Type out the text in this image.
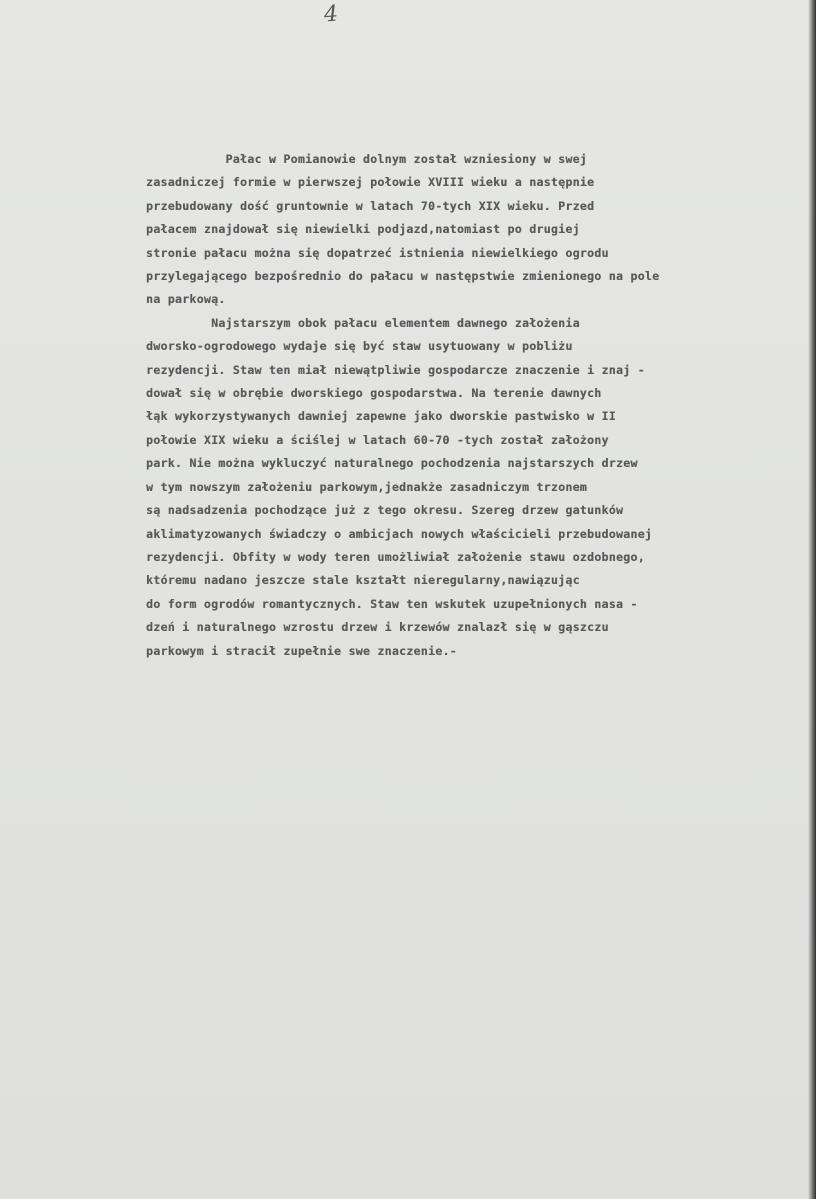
4

Pałac w Pomianowie dolnym został wzniesiony w swej
zasadniczej formie w pierwszej połowie XVIII wieku a następnie
przebudowany dość gruntownie w latach 70-tych XIX wieku. Przed
pałacem znajdował się niewielki podjazd,natomiast po drugiej
stronie pałacu można się dopatrzeć istnienia niewielkiego ogrodu
przylegającego bezpośrednio do pałacu w następstwie zmienionego na pole
na parkową.

Najstarszym obok pałacu elementem dawnego założenia
dworsko-ogrodowego wydaje się być staw usytuowany w pobliżu
rezydencji. Staw ten miał niewątpliwie gospodarcze znaczenie i znaj -
dował się w obrębie dworskiego gospodarstwa. Na terenie dawnych
łąk wykorzystywanych dawniej zapewne jako dworskie pastwisko w II
połowie XIX wieku a ściślej w latach 60-70 -tych został założony
park. Nie można wykluczyć naturalnego pochodzenia najstarszych drzew
w tym nowszym założeniu parkowym,jednakże zasadniczym trzonem
są nadsadzenia pochodzące już z tego okresu. Szereg drzew gatunków
aklimatyzowanych świadczy o ambicjach nowych właścicieli przebudowanej
rezydencji. Obfity w wody teren umożliwiał założenie stawu ozdobnego,
któremu nadano jeszcze stale kształt nieregularny,nawiązując
do form ogrodów romantycznych. Staw ten wskutek uzupełnionych nasa -
dzeń i naturalnego wzrostu drzew i krzewów znalazł się w gąszczu
parkowym i stracił zupełnie swe znaczenie.-
